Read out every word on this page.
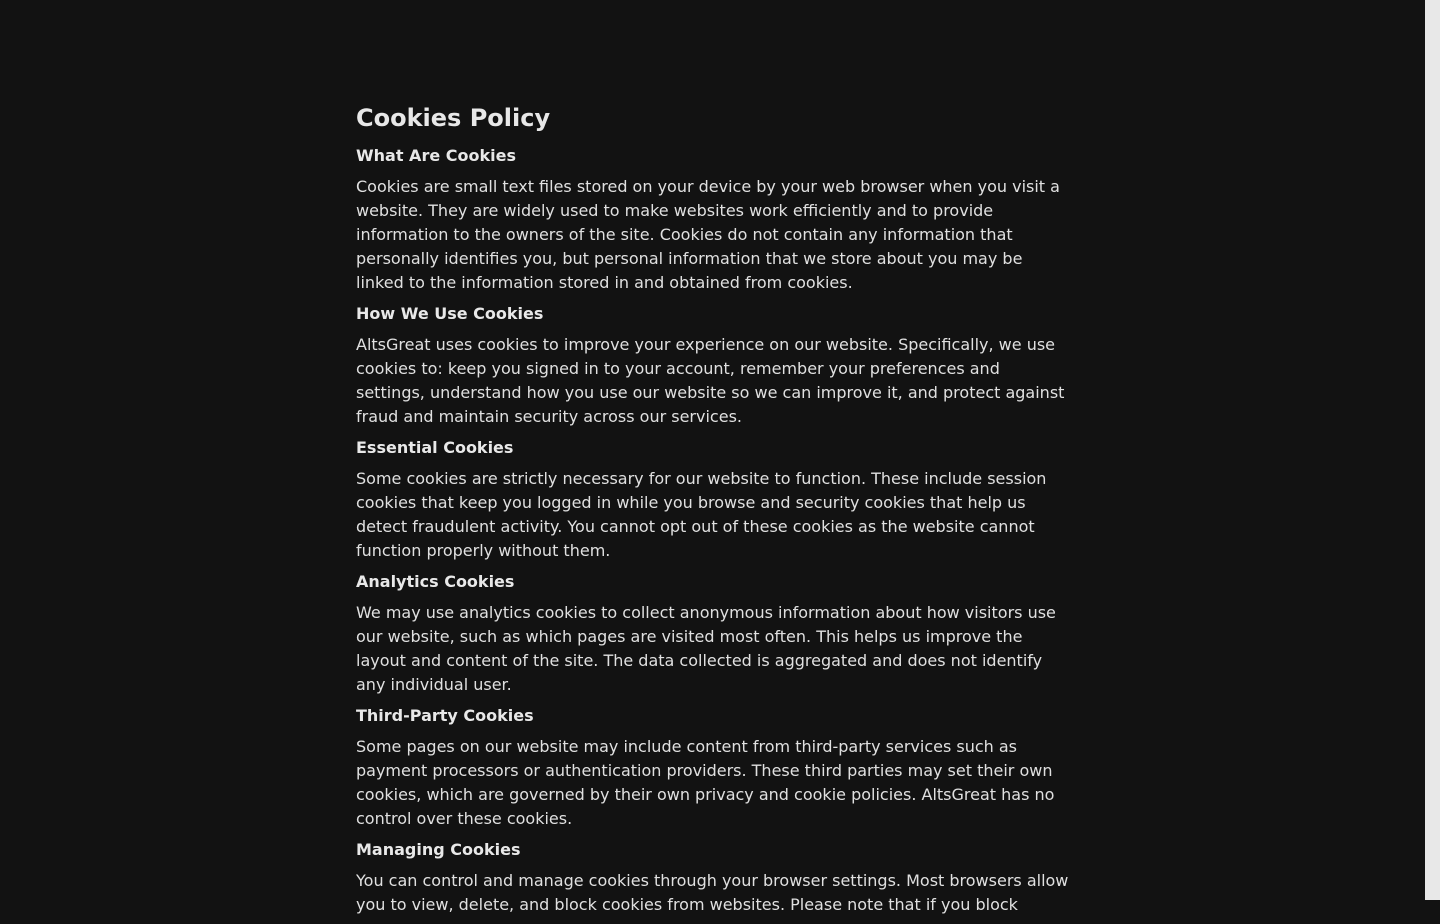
Cookies Policy
What Are Cookies

Cookies are small text files stored on your device by your web browser when you visit a website. They are widely used to make websites work efficiently and to provide information to the owners of the site. Cookies do not contain any information that personally identifies you, but personal information that we store about you may be linked to the information stored in and obtained from cookies.

How We Use Cookies

AltsGreat uses cookies to improve your experience on our website. Specifically, we use cookies to: keep you signed in to your account, remember your preferences and settings, understand how you use our website so we can improve it, and protect against fraud and maintain security across our services.

Essential Cookies

Some cookies are strictly necessary for our website to function. These include session cookies that keep you logged in while you browse and security cookies that help us detect fraudulent activity. You cannot opt out of these cookies as the website cannot function properly without them.

Analytics Cookies

We may use analytics cookies to collect anonymous information about how visitors use our website, such as which pages are visited most often. This helps us improve the layout and content of the site. The data collected is aggregated and does not identify any individual user.

Third-Party Cookies

Some pages on our website may include content from third-party services such as payment processors or authentication providers. These third parties may set their own cookies, which are governed by their own privacy and cookie policies. AltsGreat has no control over these cookies.

Managing Cookies

You can control and manage cookies through your browser settings. Most browsers allow you to view, delete, and block cookies from websites. Please note that if you block
